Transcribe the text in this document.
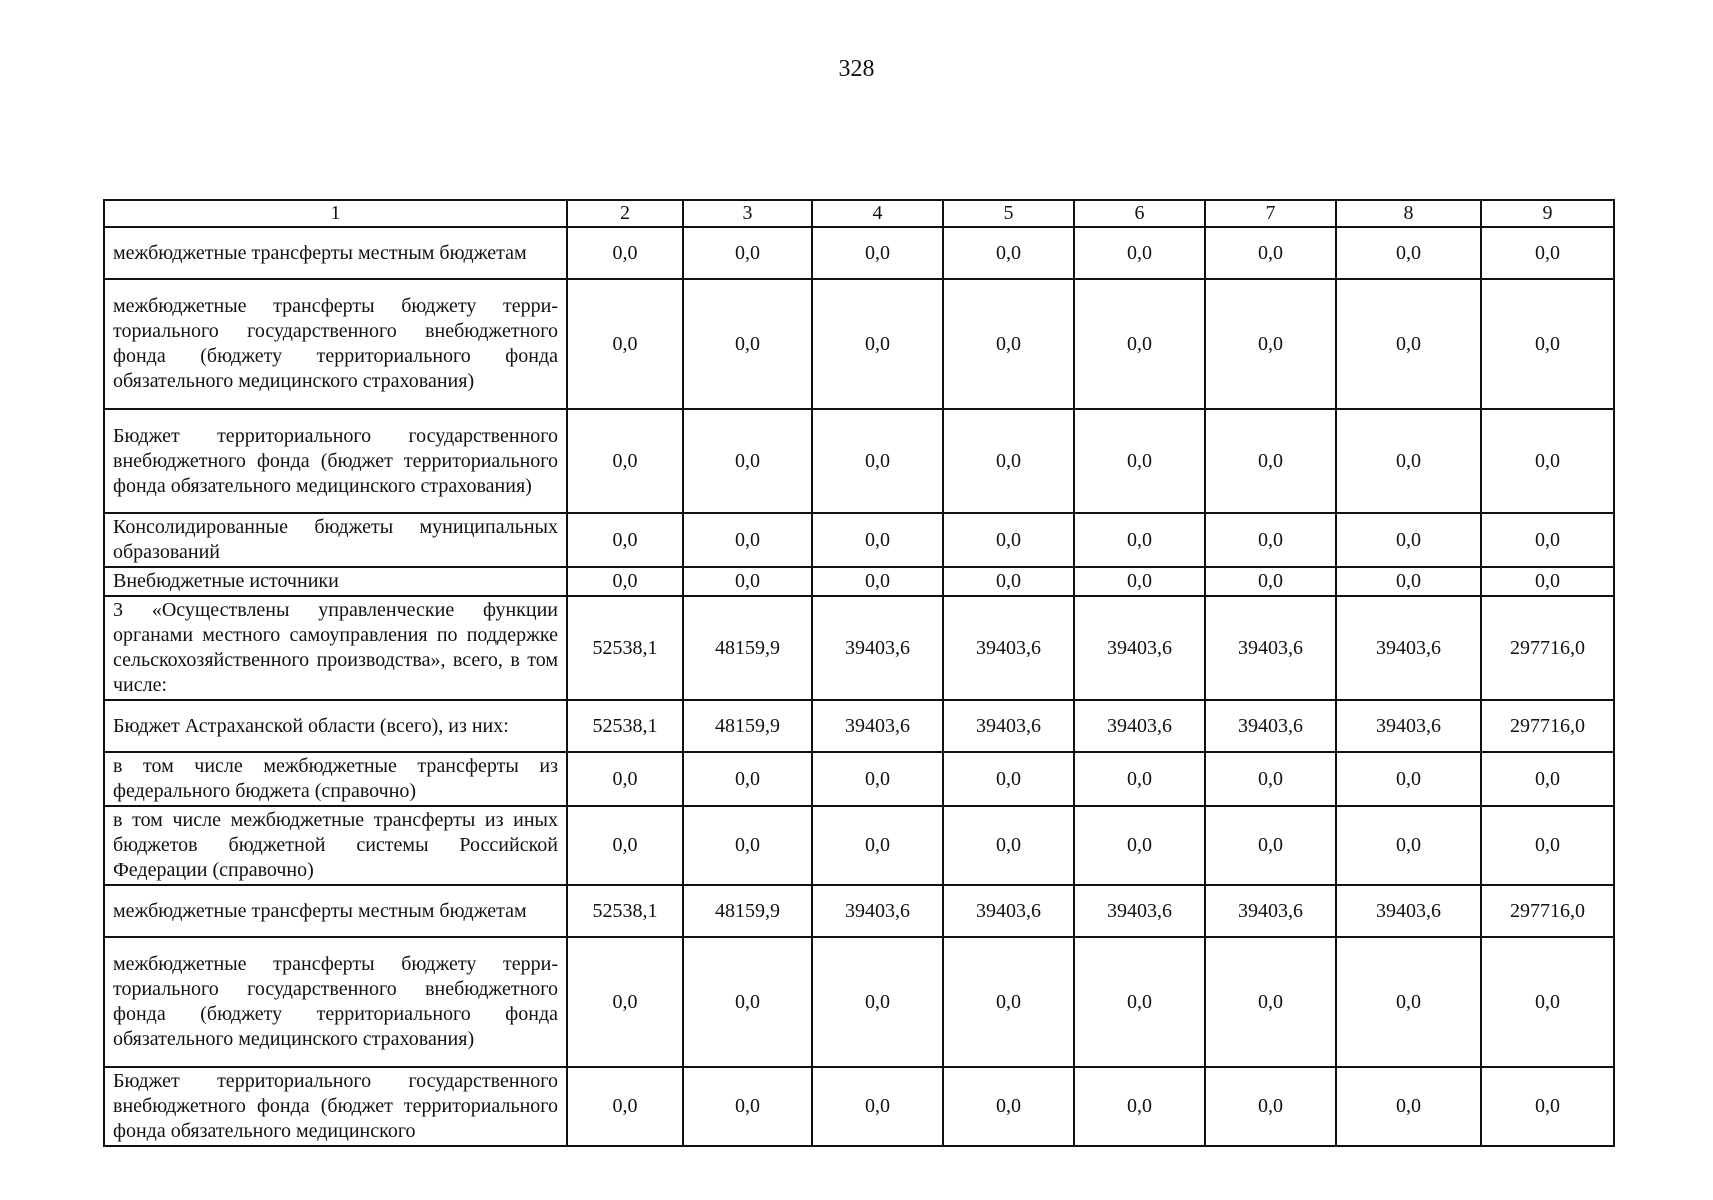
328
1	2	3	4	5	6	7	8	9
межбюджетные трансферты местным бюджетам	0,0	0,0	0,0	0,0	0,0	0,0	0,0	0,0
межбюджетные трансферты бюджету территориального государственного внебюджетного фонда (бюджету территориального фонда обязательного медицинского страхования)	0,0	0,0	0,0	0,0	0,0	0,0	0,0	0,0
Бюджет территориального государственного внебюджетного фонда (бюджет территориального фонда обязательного медицинского страхования)	0,0	0,0	0,0	0,0	0,0	0,0	0,0	0,0
Консолидированные бюджеты муниципальных образований	0,0	0,0	0,0	0,0	0,0	0,0	0,0	0,0
Внебюджетные источники	0,0	0,0	0,0	0,0	0,0	0,0	0,0	0,0
3 «Осуществлены управленческие функции органами местного самоуправления по поддержке сельскохозяйственного производства», всего, в том числе:	52538,1	48159,9	39403,6	39403,6	39403,6	39403,6	39403,6	297716,0
Бюджет Астраханской области (всего), из них:	52538,1	48159,9	39403,6	39403,6	39403,6	39403,6	39403,6	297716,0
в том числе межбюджетные трансферты из федерального бюджета (справочно)	0,0	0,0	0,0	0,0	0,0	0,0	0,0	0,0
в том числе межбюджетные трансферты из иных бюджетов бюджетной системы Российской Федерации (справочно)	0,0	0,0	0,0	0,0	0,0	0,0	0,0	0,0
межбюджетные трансферты местным бюджетам	52538,1	48159,9	39403,6	39403,6	39403,6	39403,6	39403,6	297716,0
межбюджетные трансферты бюджету территориального государственного внебюджетного фонда (бюджету территориального фонда обязательного медицинского страхования)	0,0	0,0	0,0	0,0	0,0	0,0	0,0	0,0
Бюджет территориального государственного внебюджетного фонда (бюджет территориального фонда обязательного медицинского	0,0	0,0	0,0	0,0	0,0	0,0	0,0	0,0
